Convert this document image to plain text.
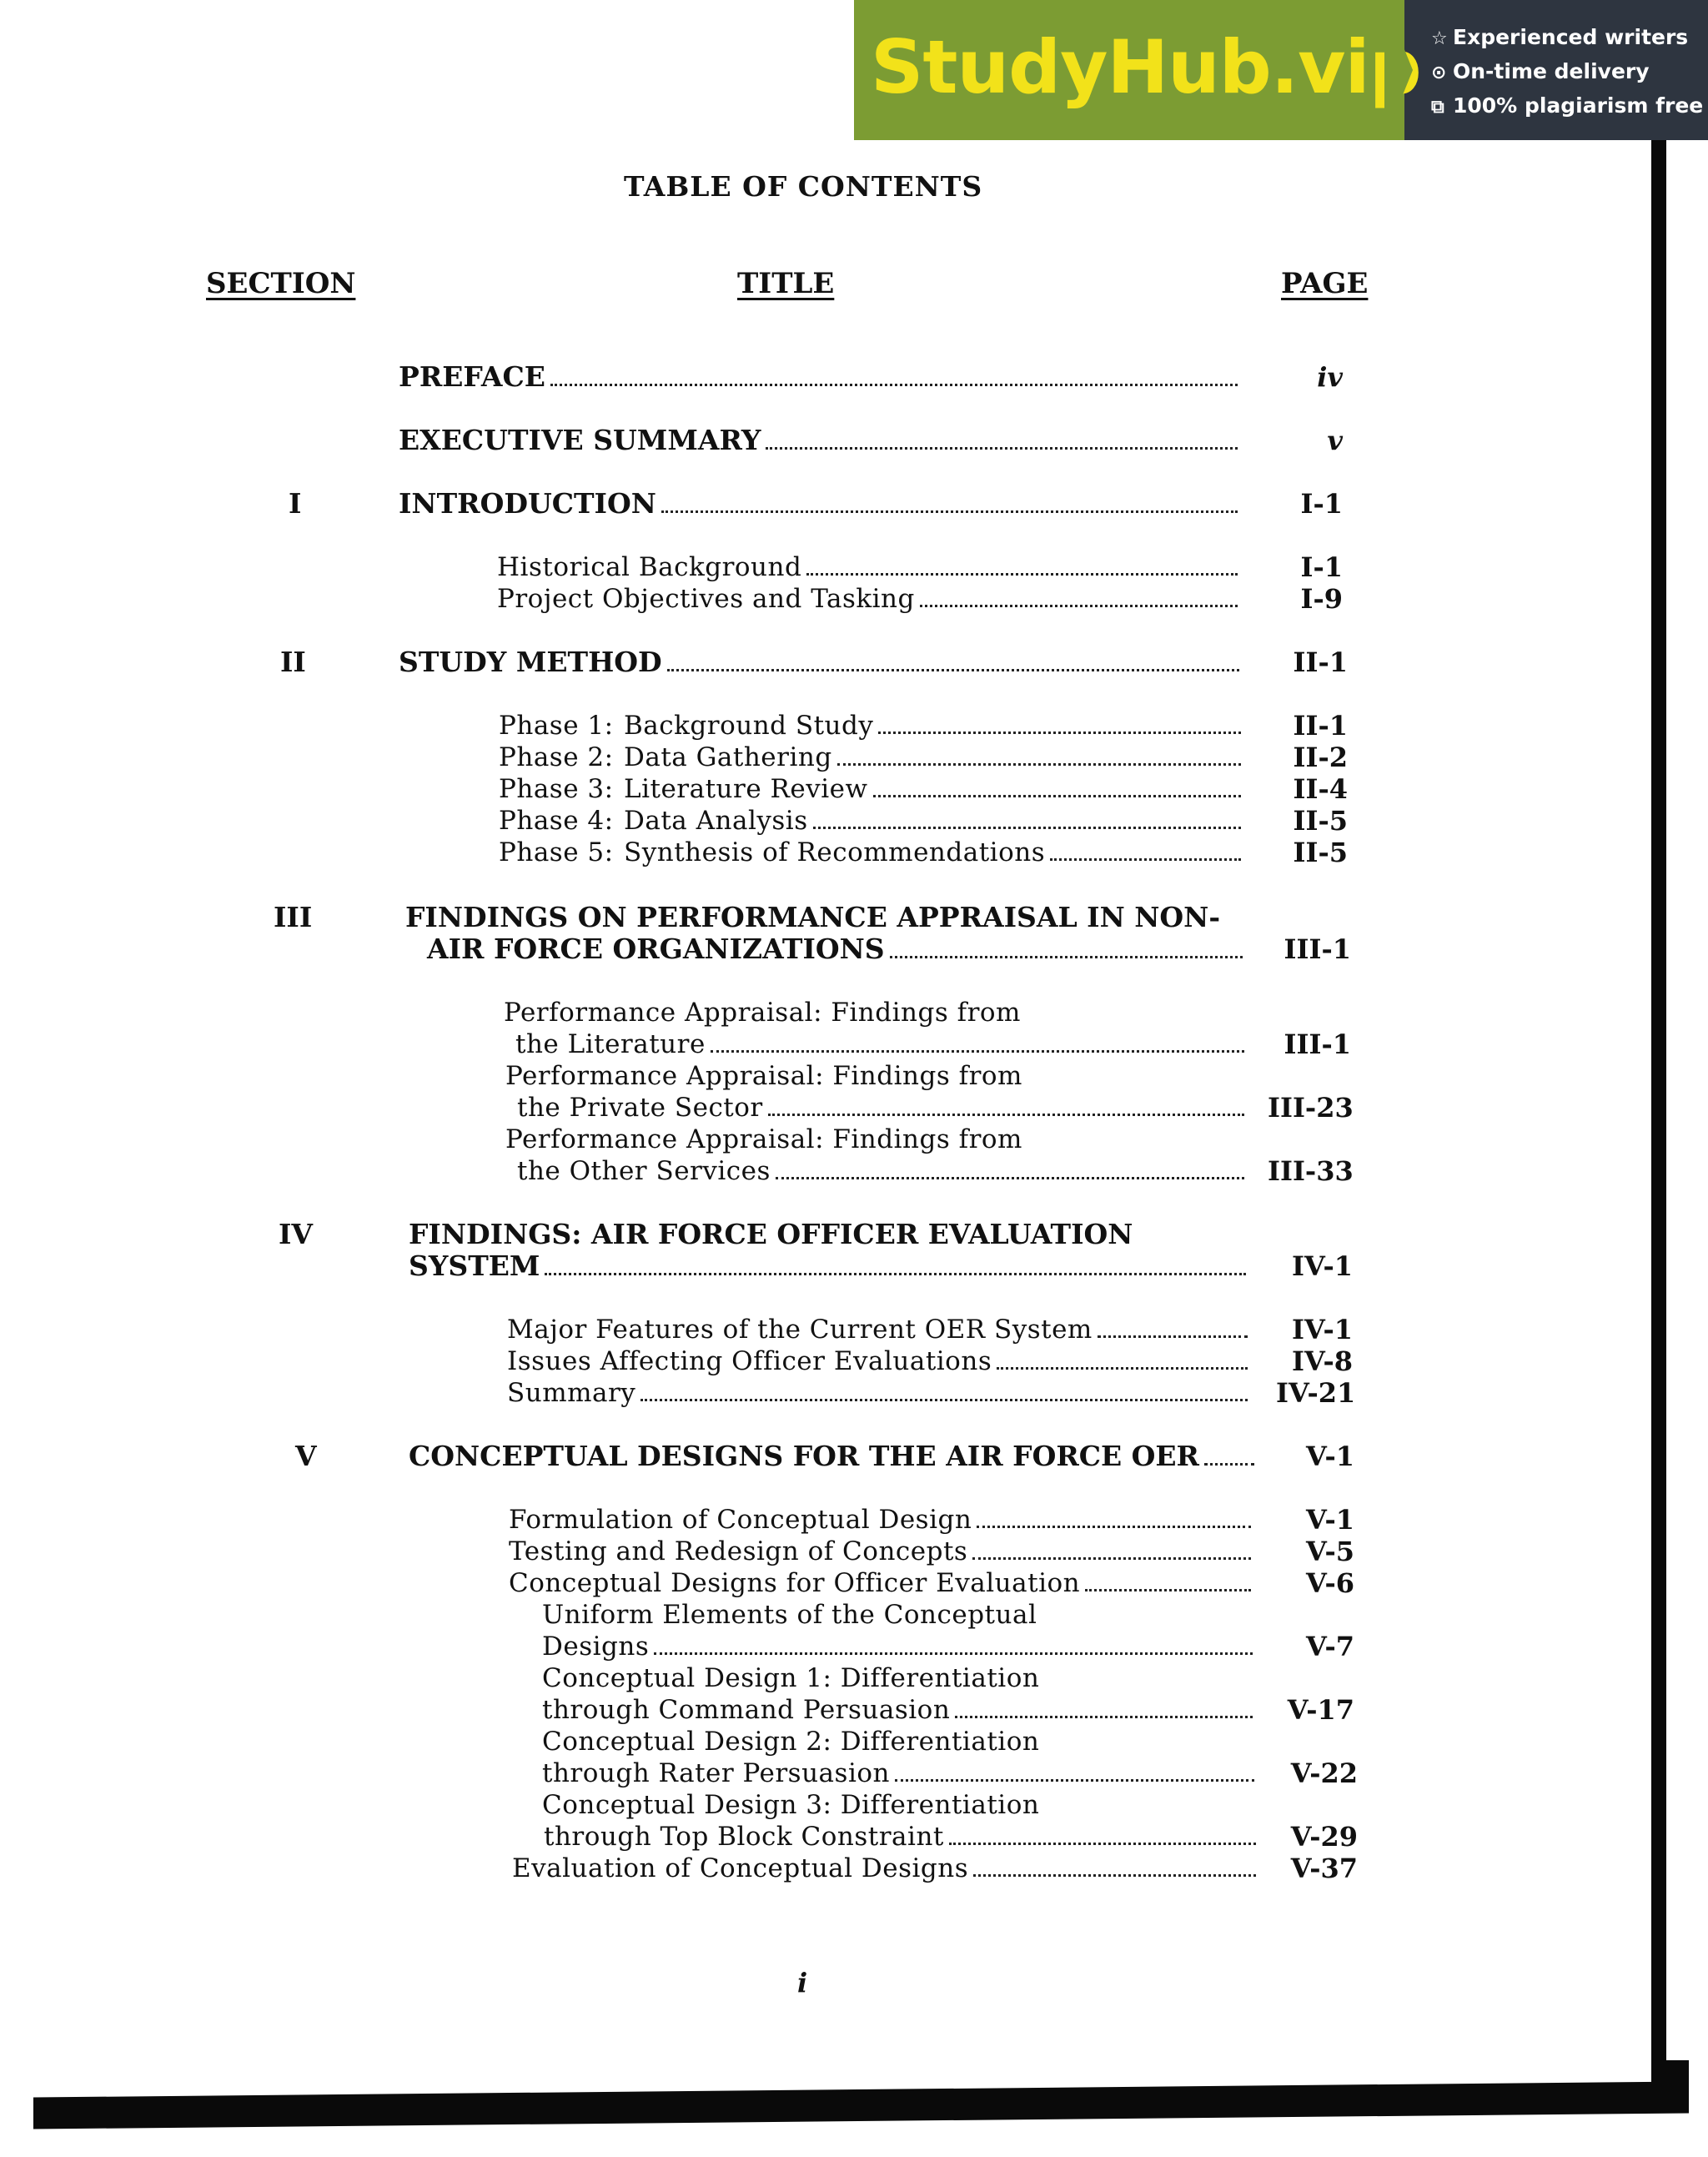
StudyHub.vip ☆ Experienced writers
⊙ On-time delivery
⧉ 100% plagiarism free
TABLE OF CONTENTS
SECTION	TITLE	PAGE
PREFACE	iv
EXECUTIVE SUMMARY	v
I	INTRODUCTION	I-1
Historical Background	I-1
Project Objectives and Tasking	I-9
II	STUDY METHOD	II-1
Phase 1: Background Study	II-1
Phase 2: Data Gathering	II-2
Phase 3: Literature Review	II-4
Phase 4: Data Analysis	II-5
Phase 5: Synthesis of Recommendations	II-5
III	FINDINGS ON PERFORMANCE APPRAISAL IN NON-
AIR FORCE ORGANIZATIONS	III-1
Performance Appraisal: Findings from
the Literature	III-1
Performance Appraisal: Findings from
the Private Sector	III-23
Performance Appraisal: Findings from
the Other Services	III-33
IV	FINDINGS: AIR FORCE OFFICER EVALUATION
SYSTEM	IV-1
Major Features of the Current OER System	IV-1
Issues Affecting Officer Evaluations	IV-8
Summary	IV-21
V	CONCEPTUAL DESIGNS FOR THE AIR FORCE OER	V-1
Formulation of Conceptual Design	V-1
Testing and Redesign of Concepts	V-5
Conceptual Designs for Officer Evaluation	V-6
Uniform Elements of the Conceptual
Designs	V-7
Conceptual Design 1: Differentiation
through Command Persuasion	V-17
Conceptual Design 2: Differentiation
through Rater Persuasion	V-22
Conceptual Design 3: Differentiation
through Top Block Constraint	V-29
Evaluation of Conceptual Designs	V-37
i
